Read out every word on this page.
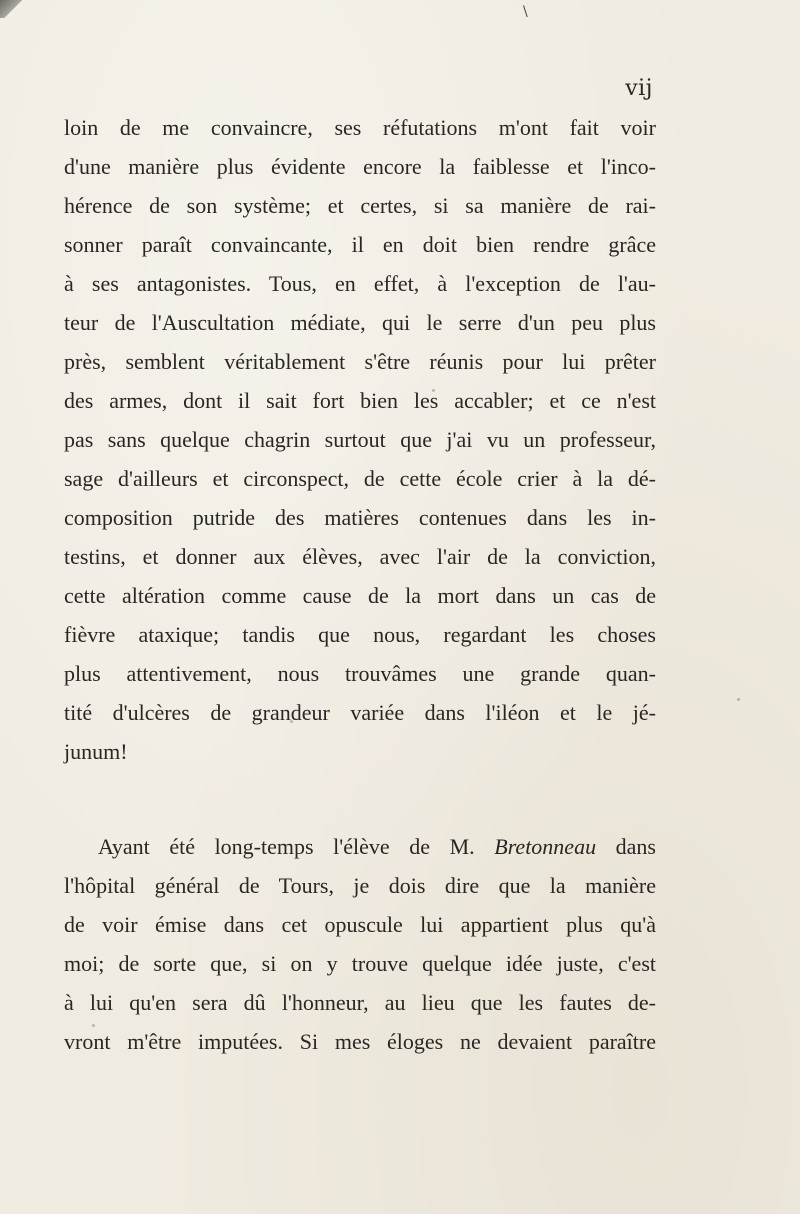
\
vij
loin de me convaincre, ses réfutations m'ont fait voir
d'une manière plus évidente encore la faiblesse et l'inco-
hérence de son système; et certes, si sa manière de rai-
sonner paraît convaincante, il en doit bien rendre grâce
à ses antagonistes. Tous, en effet, à l'exception de l'au-
teur de l'Auscultation médiate, qui le serre d'un peu plus
près, semblent véritablement s'être réunis pour lui prêter
des armes, dont il sait fort bien les accabler; et ce n'est
pas sans quelque chagrin surtout que j'ai vu un professeur,
sage d'ailleurs et circonspect, de cette école crier à la dé-
composition putride des matières contenues dans les in-
testins, et donner aux élèves, avec l'air de la conviction,
cette altération comme cause de la mort dans un cas de
fièvre ataxique; tandis que nous, regardant les choses
plus attentivement, nous trouvâmes une grande quan-
tité d'ulcères de grandeur variée dans l'iléon et le jé-
junum!
Ayant été long-temps l'élève de M. Bretonneau dans
l'hôpital général de Tours, je dois dire que la manière
de voir émise dans cet opuscule lui appartient plus qu'à
moi; de sorte que, si on y trouve quelque idée juste, c'est
à lui qu'en sera dû l'honneur, au lieu que les fautes de-
vront m'être imputées. Si mes éloges ne devaient paraître
